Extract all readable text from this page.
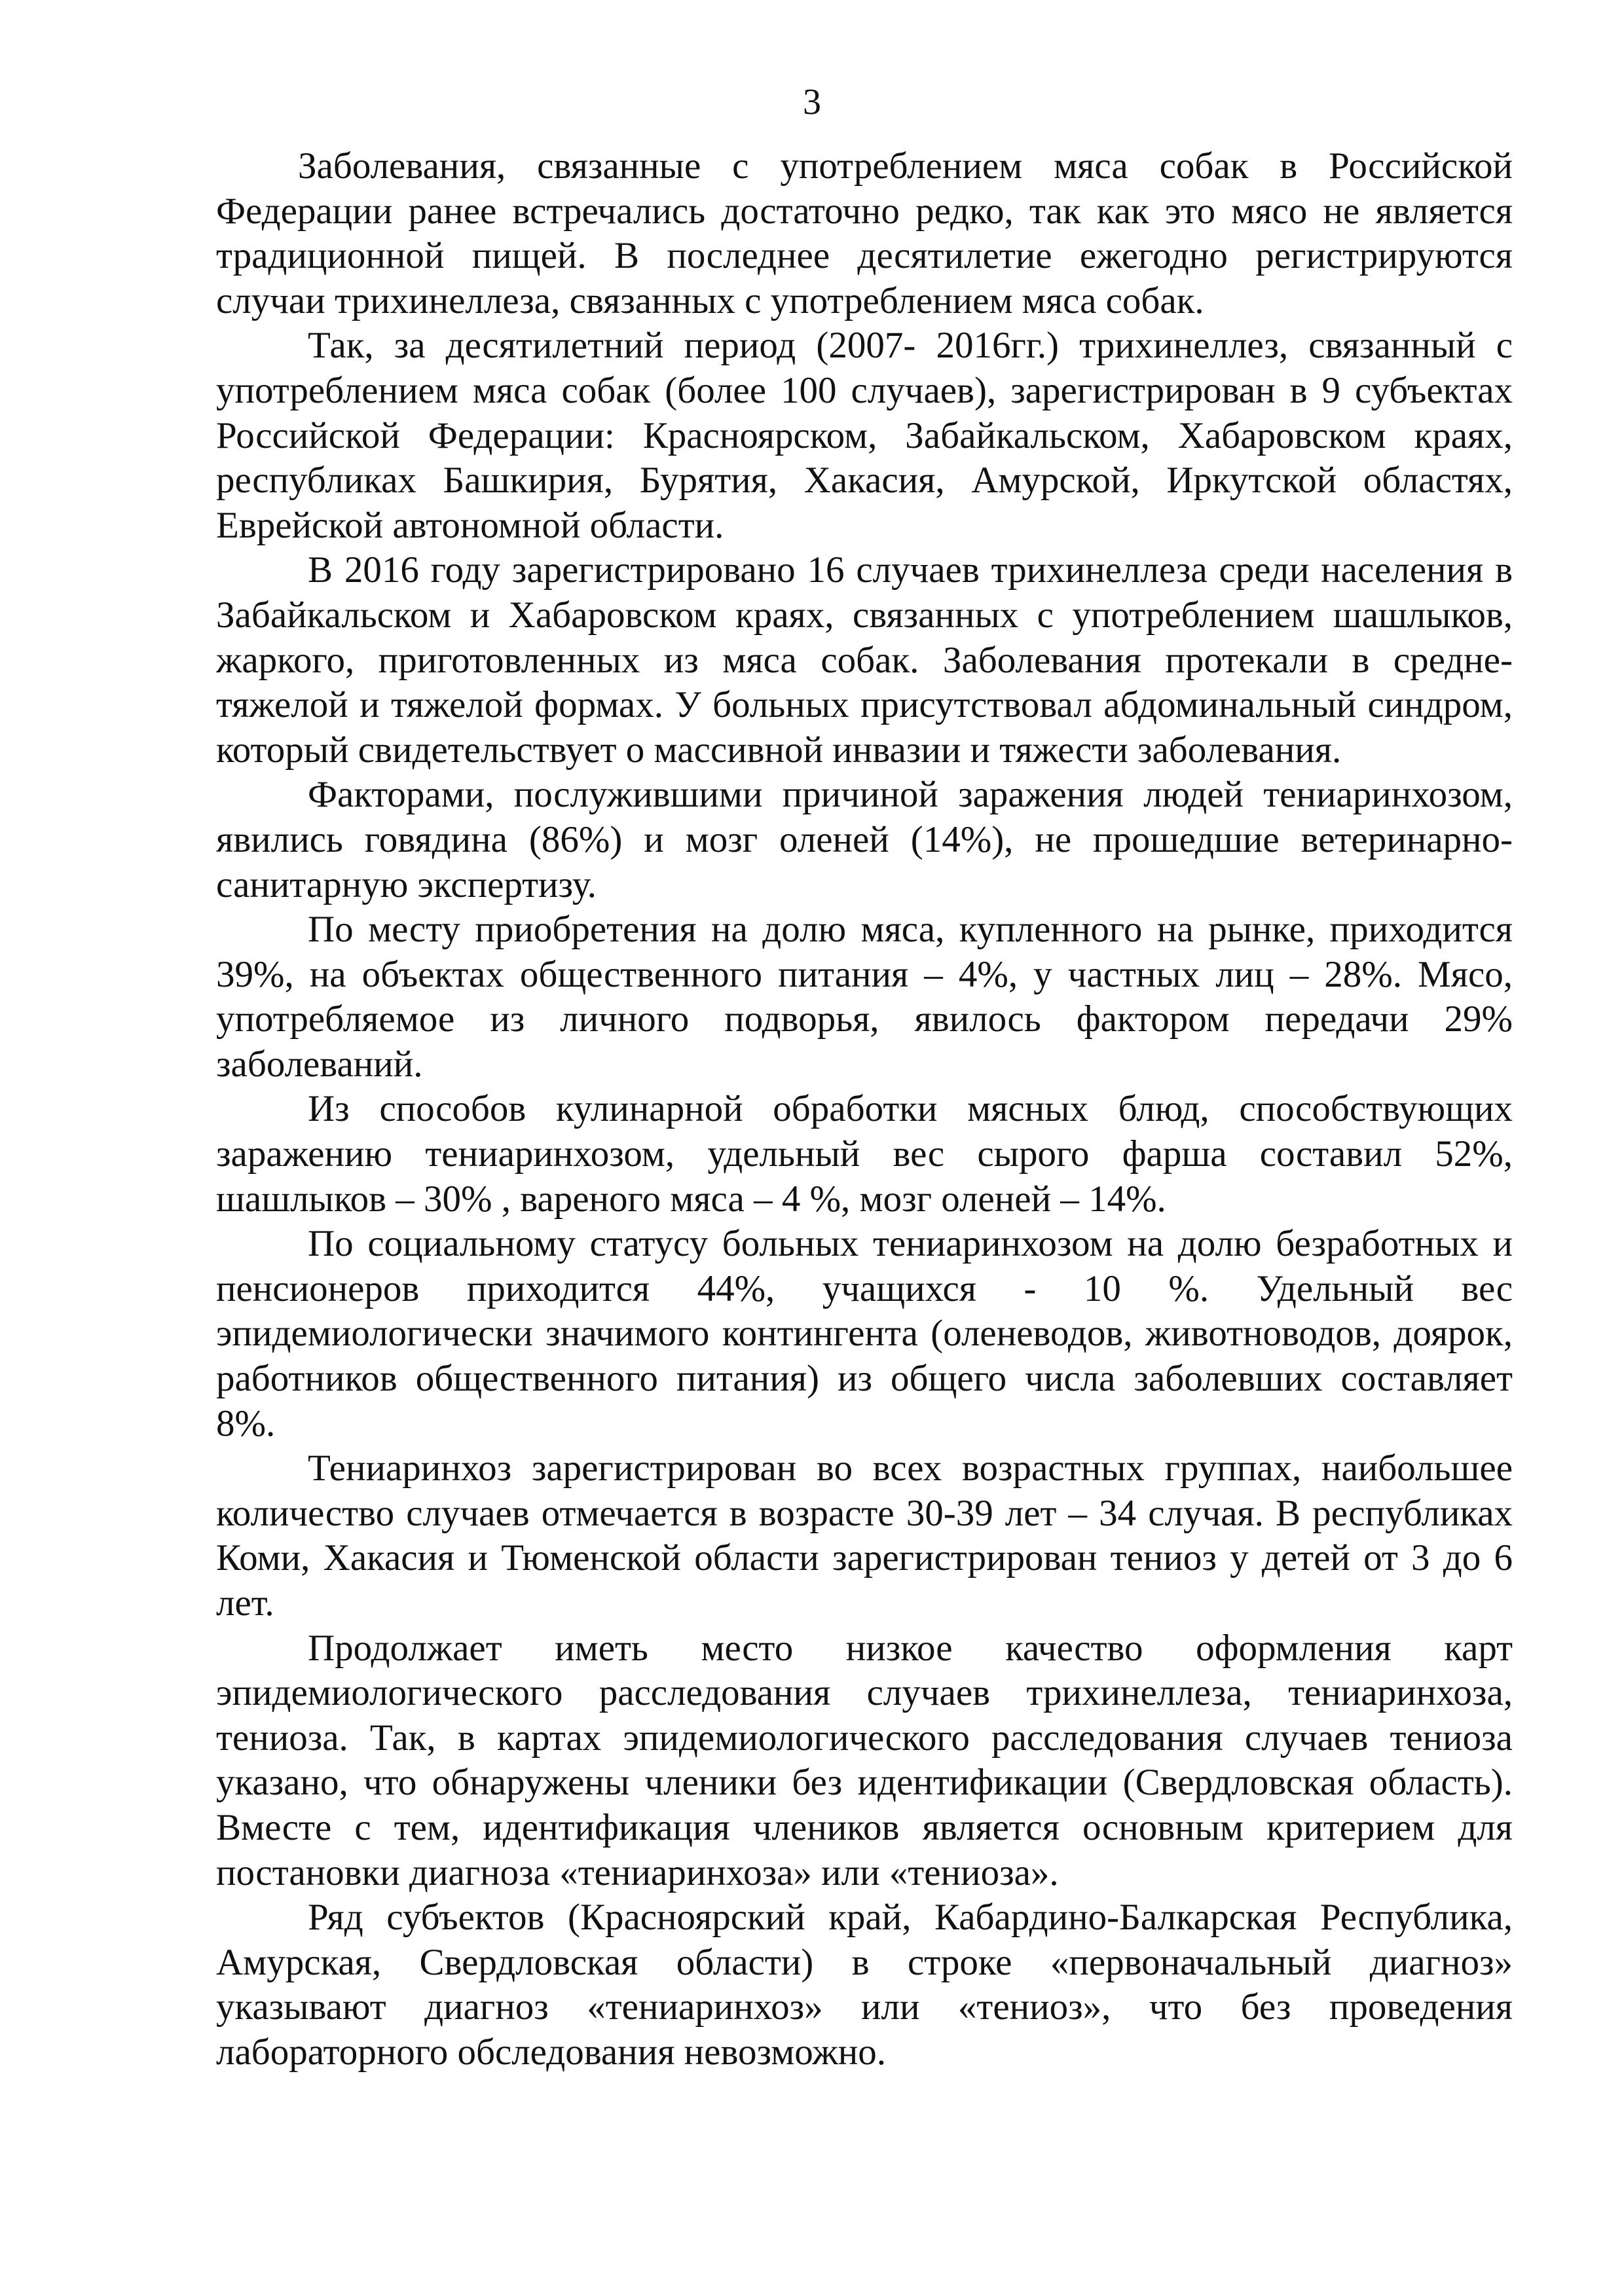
3

Заболевания, связанные с употреблением мяса собак в Российской Федерации ранее встречались достаточно редко, так как это мясо не является традиционной пищей. В последнее десятилетие ежегодно регистрируются случаи трихинеллеза, связанных с употреблением мяса собак.

Так, за десятилетний период (2007- 2016гг.) трихинеллез, связанный с употреблением мяса собак (более 100 случаев), зарегистрирован в 9 субъектах Российской Федерации: Красноярском, Забайкальском, Хабаровском краях, республиках Башкирия, Бурятия, Хакасия, Амурской, Иркутской областях, Еврейской автономной области.

В 2016 году зарегистрировано 16 случаев трихинеллеза среди населения в Забайкальском и Хабаровском краях, связанных с употреблением шашлыков, жаркого, приготовленных из мяса собак. Заболевания протекали в средне-тяжелой и тяжелой формах. У больных присутствовал абдоминальный синдром, который свидетельствует о массивной инвазии и тяжести заболевания.

Факторами, послужившими причиной заражения людей тениаринхозом, явились говядина (86%) и мозг оленей (14%), не прошедшие ветеринарно-санитарную экспертизу.

По месту приобретения на долю мяса, купленного на рынке, приходится 39%, на объектах общественного питания – 4%, у частных лиц – 28%. Мясо, употребляемое из личного подворья, явилось фактором передачи 29% заболеваний.

Из способов кулинарной обработки мясных блюд, способствующих заражению тениаринхозом, удельный вес сырого фарша составил 52%, шашлыков – 30% , вареного мяса – 4 %, мозг оленей – 14%.

По социальному статусу больных тениаринхозом на долю безработных и пенсионеров приходится 44%, учащихся - 10 %. Удельный вес эпидемиологически значимого контингента (оленеводов, животноводов, доярок, работников общественного питания) из общего числа заболевших составляет 8%.

Тениаринхоз зарегистрирован во всех возрастных группах, наибольшее количество случаев отмечается в возрасте 30-39 лет – 34 случая. В республиках Коми, Хакасия и Тюменской области зарегистрирован тениоз у детей от 3 до 6 лет.

Продолжает иметь место низкое качество оформления карт эпидемиологического расследования случаев трихинеллеза, тениаринхоза, тениоза. Так, в картах эпидемиологического расследования случаев тениоза указано, что обнаружены членики без идентификации (Свердловская область). Вместе с тем, идентификация члеников является основным критерием для постановки диагноза «тениаринхоза» или «тениоза».

Ряд субъектов (Красноярский край, Кабардино-Балкарская Республика, Амурская, Свердловская области) в строке «первоначальный диагноз» указывают диагноз «тениаринхоз» или «тениоз», что без проведения лабораторного обследования невозможно.
